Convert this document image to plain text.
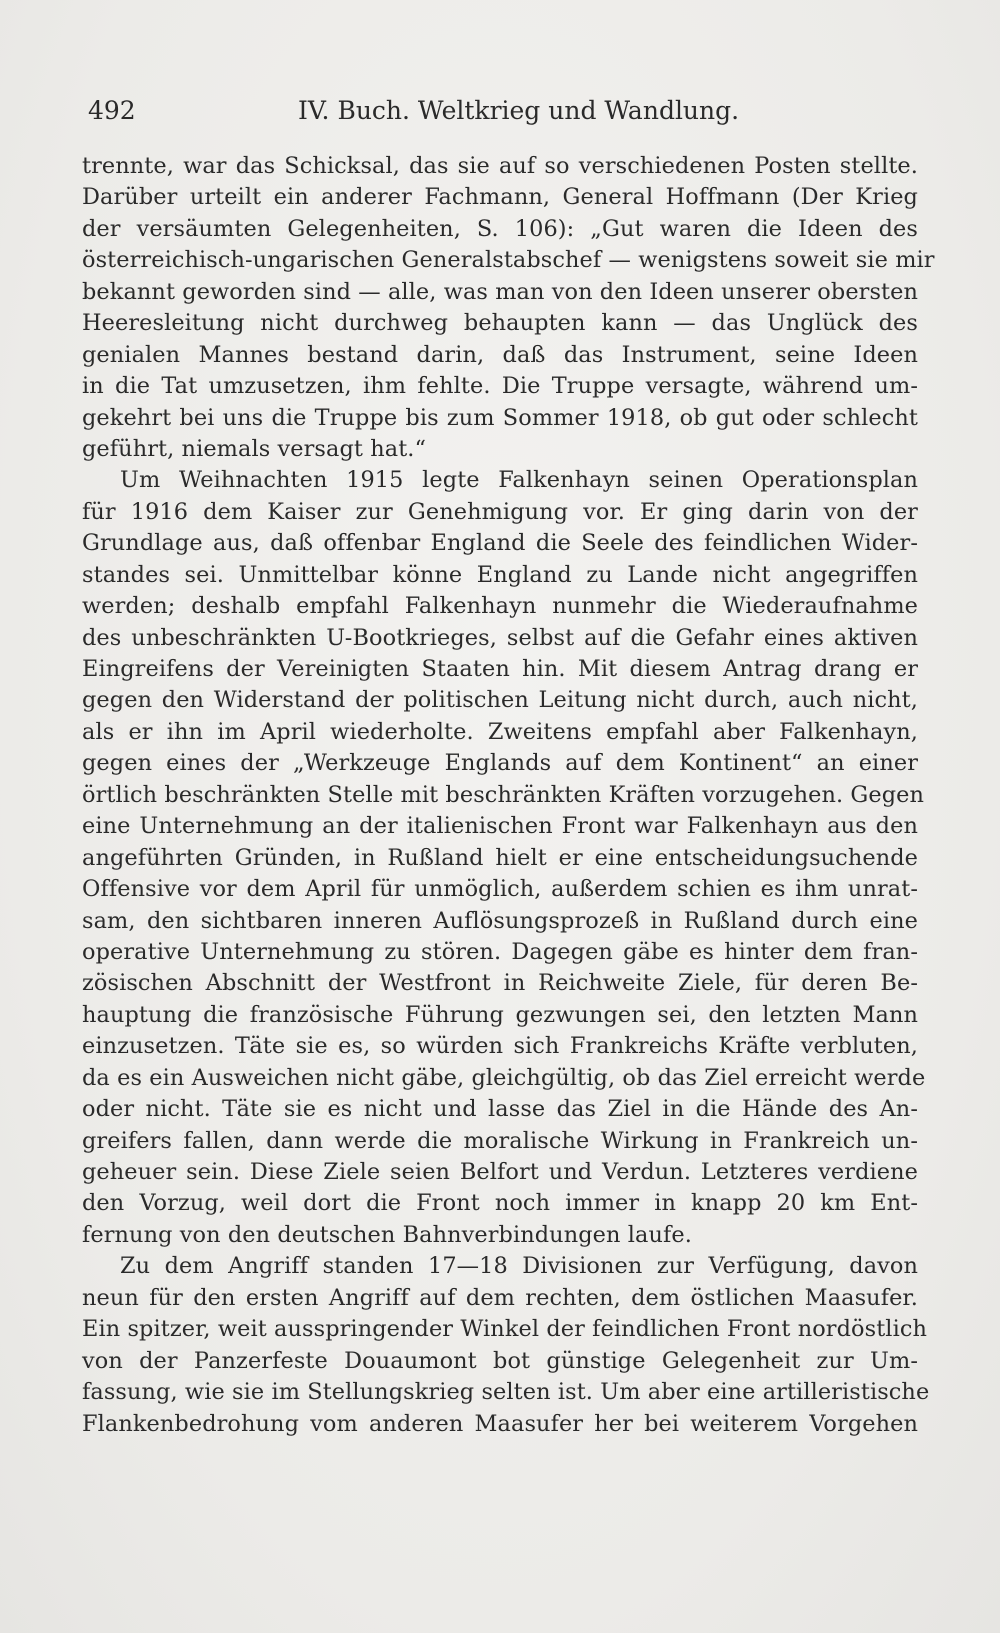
492	IV. Buch. Weltkrieg und Wandlung.
trennte, war das Schicksal, das sie auf so verschiedenen Posten stellte.
Darüber urteilt ein anderer Fachmann, General Hoffmann (Der Krieg
der versäumten Gelegenheiten, S. 106): „Gut waren die Ideen des
österreichisch-ungarischen Generalstabschef — wenigstens soweit sie mir
bekannt geworden sind — alle, was man von den Ideen unserer obersten
Heeresleitung nicht durchweg behaupten kann — das Unglück des
genialen Mannes bestand darin, daß das Instrument, seine Ideen
in die Tat umzusetzen, ihm fehlte. Die Truppe versagte, während um-
gekehrt bei uns die Truppe bis zum Sommer 1918, ob gut oder schlecht
geführt, niemals versagt hat.“
Um Weihnachten 1915 legte Falkenhayn seinen Operationsplan
für 1916 dem Kaiser zur Genehmigung vor. Er ging darin von der
Grundlage aus, daß offenbar England die Seele des feindlichen Wider-
standes sei. Unmittelbar könne England zu Lande nicht angegriffen
werden; deshalb empfahl Falkenhayn nunmehr die Wiederaufnahme
des unbeschränkten U-Bootkrieges, selbst auf die Gefahr eines aktiven
Eingreifens der Vereinigten Staaten hin. Mit diesem Antrag drang er
gegen den Widerstand der politischen Leitung nicht durch, auch nicht,
als er ihn im April wiederholte. Zweitens empfahl aber Falkenhayn,
gegen eines der „Werkzeuge Englands auf dem Kontinent“ an einer
örtlich beschränkten Stelle mit beschränkten Kräften vorzugehen. Gegen
eine Unternehmung an der italienischen Front war Falkenhayn aus den
angeführten Gründen, in Rußland hielt er eine entscheidungsuchende
Offensive vor dem April für unmöglich, außerdem schien es ihm unrat-
sam, den sichtbaren inneren Auflösungsprozeß in Rußland durch eine
operative Unternehmung zu stören. Dagegen gäbe es hinter dem fran-
zösischen Abschnitt der Westfront in Reichweite Ziele, für deren Be-
hauptung die französische Führung gezwungen sei, den letzten Mann
einzusetzen. Täte sie es, so würden sich Frankreichs Kräfte verbluten,
da es ein Ausweichen nicht gäbe, gleichgültig, ob das Ziel erreicht werde
oder nicht. Täte sie es nicht und lasse das Ziel in die Hände des An-
greifers fallen, dann werde die moralische Wirkung in Frankreich un-
geheuer sein. Diese Ziele seien Belfort und Verdun. Letzteres verdiene
den Vorzug, weil dort die Front noch immer in knapp 20 km Ent-
fernung von den deutschen Bahnverbindungen laufe.
Zu dem Angriff standen 17—18 Divisionen zur Verfügung, davon
neun für den ersten Angriff auf dem rechten, dem östlichen Maasufer.
Ein spitzer, weit ausspringender Winkel der feindlichen Front nordöstlich
von der Panzerfeste Douaumont bot günstige Gelegenheit zur Um-
fassung, wie sie im Stellungskrieg selten ist. Um aber eine artilleristische
Flankenbedrohung vom anderen Maasufer her bei weiterem Vorgehen
